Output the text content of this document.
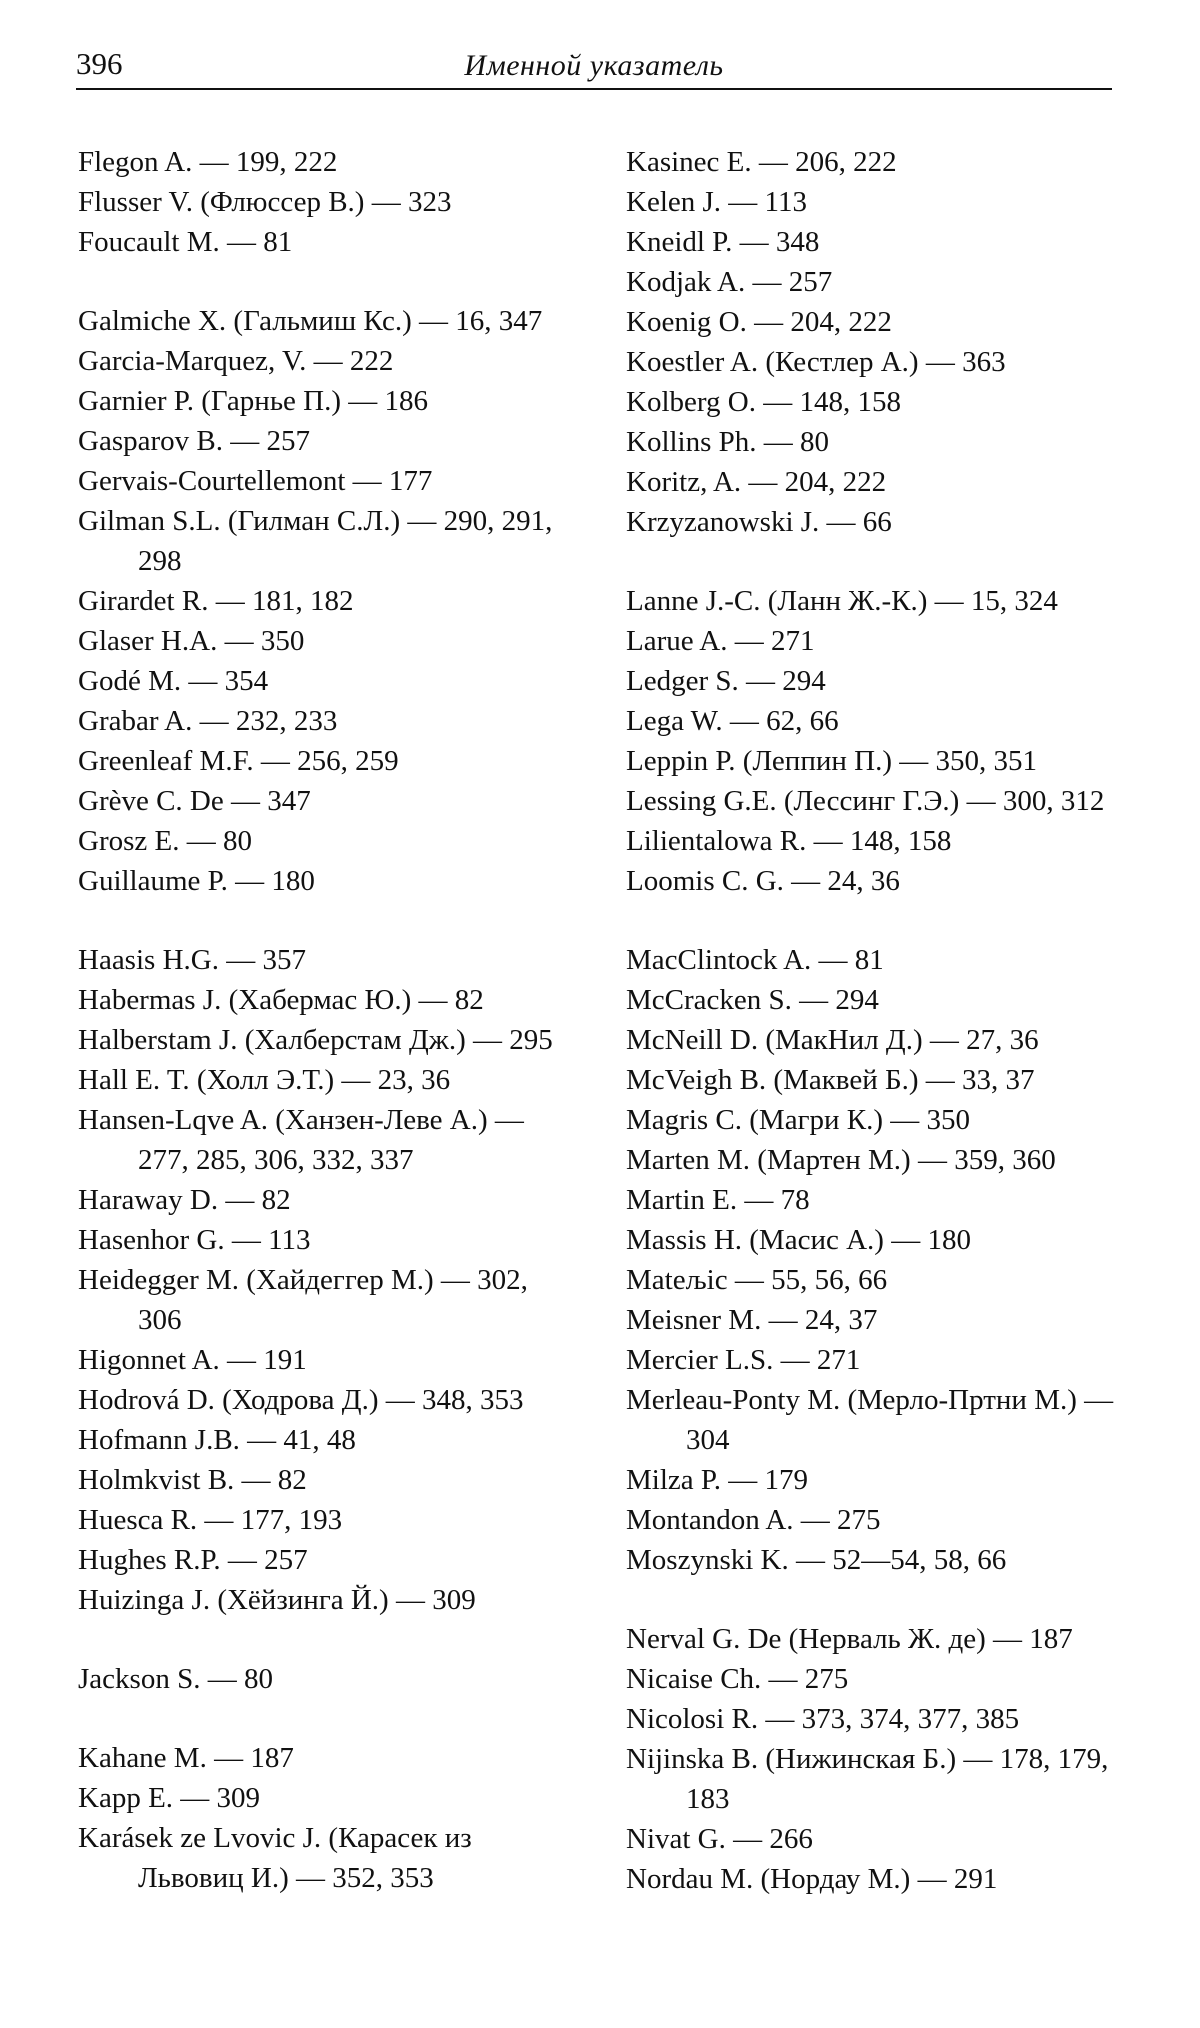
396	Именной указатель
Flegon A. — 199, 222
Flusser V. (Флюссер В.) — 323
Foucault M. — 81
Galmiche X. (Гальмиш Кс.) — 16, 347
Garcia-Marquez, V. — 222
Garnier P. (Гарнье П.) — 186
Gasparov B. — 257
Gervais-Courtellemont — 177
Gilman S.L. (Гилман С.Л.) — 290, 291, 298
Girardet R. — 181, 182
Glaser H.A. — 350
Godé M. — 354
Grabar A. — 232, 233
Greenleaf M.F. — 256, 259
Grève C. De — 347
Grosz E. — 80
Guillaume P. — 180
Haasis H.G. — 357
Habermas J. (Хабермас Ю.) — 82
Halberstam J. (Халберстам Дж.) — 295
Hall E. T. (Холл Э.Т.) — 23, 36
Hansen-Lqve A. (Ханзен-Леве А.) — 277, 285, 306, 332, 337
Haraway D. — 82
Hasenhor G. — 113
Heidegger M. (Хайдеггер М.) — 302, 306
Higonnet A. — 191
Hodrová D. (Ходрова Д.) — 348, 353
Hofmann J.B. — 41, 48
Holmkvist B. — 82
Huesca R. — 177, 193
Hughes R.P. — 257
Huizinga J. (Хёйзинга Й.) — 309
Jackson S. — 80
Kahane M. — 187
Kapp E. — 309
Karásek ze Lvovic J. (Карасек из Львовиц И.) — 352, 353
Kasinec E. — 206, 222
Kelen J. — 113
Kneidl P. — 348
Kodjak A. — 257
Koenig O. — 204, 222
Koestler A. (Кестлер А.) — 363
Kolberg O. — 148, 158
Kollins Ph. — 80
Koritz, A. — 204, 222
Krzyzanowski J. — 66
Lanne J.-C. (Ланн Ж.-К.) — 15, 324
Larue A. — 271
Ledger S. — 294
Lega W. — 62, 66
Leppin P. (Леппин П.) — 350, 351
Lessing G.E. (Лессинг Г.Э.) — 300, 312
Lilientalowa R. — 148, 158
Loomis C. G. — 24, 36
MacClintock A. — 81
McCracken S. — 294
McNeill D. (МакНил Д.) — 27, 36
McVeigh B. (Маквей Б.) — 33, 37
Magris C. (Магри К.) — 350
Marten M. (Мартен М.) — 359, 360
Martin E. — 78
Massis H. (Масис А.) — 180
Matељic — 55, 56, 66
Meisner M. — 24, 37
Mercier L.S. — 271
Merleau-Ponty M. (Мерло-Пртни М.) — 304
Milza P. — 179
Montandon A. — 275
Moszynski K. — 52—54, 58, 66
Nerval G. De (Нерваль Ж. де) — 187
Nicaise Ch. — 275
Nicolosi R. — 373, 374, 377, 385
Nijinska B. (Нижинская Б.) — 178, 179, 183
Nivat G. — 266
Nordau M. (Нордау М.) — 291
